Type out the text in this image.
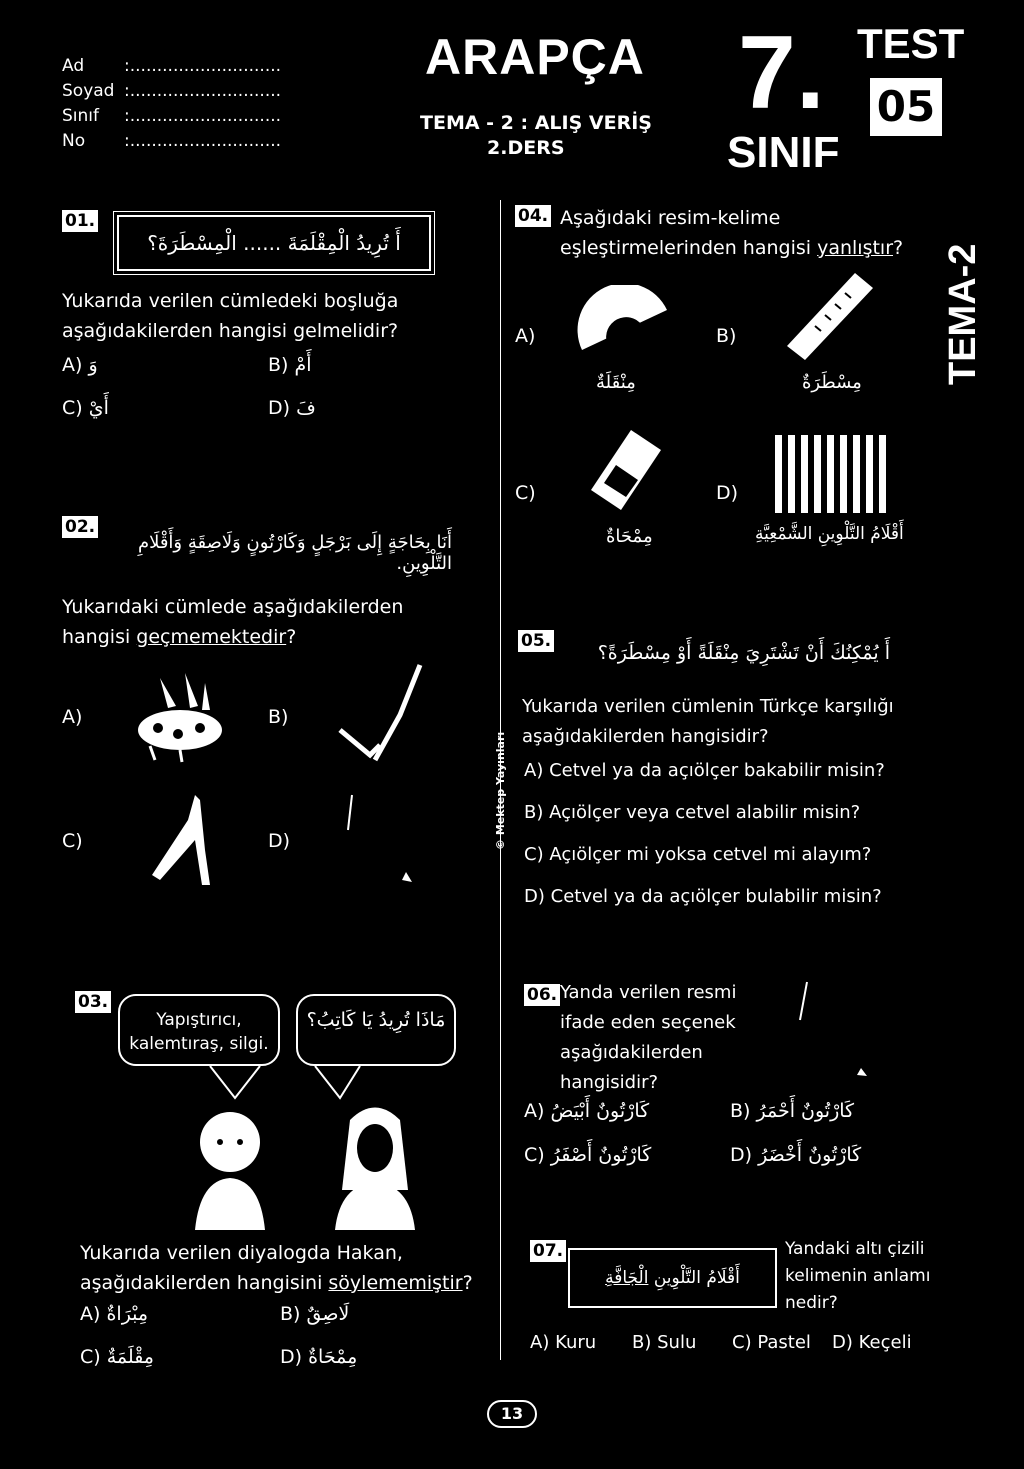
Ad :............................
Soyad :............................
Sınıf :............................
No :............................
ARAPÇA
TEMA - 2 : ALIŞ VERİŞ
2.DERS
7.
SINIF
TEST
05
TEMA-2
© Mektep Yayınları
01.
أَ تُرِيدُ الْمِقْلَمَةَ ...... الْمِسْطَرَةَ؟
Yukarıda verilen cümledeki boşluğa aşağıdakilerden hangisi gelmelidir?
A) وَ	B) أَمْ
C) أَيْ	D) فَ
02.
أَنَا بِحَاجَةٍ إِلَى بَرْجَلٍ وَكَارْتُونٍ وَلَاصِقَةٍ وَأَقْلَامِ التَّلْوِينِ.
Yukarıdaki cümlede aşağıdakilerden hangisi geçmemektedir?
A)	B)
C)	D)
03.
Yapıştırıcı, kalemtıraş, silgi.
مَاذَا تُرِيدُ يَا كَاتِبُ؟
Yukarıda verilen diyalogda Hakan, aşağıdakilerden hangisini söylememiştir?
A) مِبْرَاةٌ	B) لَاصِقٌ
C) مِقْلَمَةٌ	D) مِمْحَاةٌ
04. Aşağıdaki resim-kelime eşleştirmelerinden hangisi yanlıştır?
A)
مِنْقَلَةٌ
B)
مِسْطَرَةٌ
C)
مِمْحَاةٌ
D)
أَقْلَامُ التَّلْوِينِ الشَّمْعِيَّةِ
05.
أَ يُمْكِنُكَ أَنْ تَشْتَرِيَ مِنْقَلَةً أَوْ مِسْطَرَةً؟
Yukarıda verilen cümlenin Türkçe karşılığı aşağıdakilerden hangisidir?
A) Cetvel ya da açıölçer bakabilir misin?
B) Açıölçer veya cetvel alabilir misin?
C) Açıölçer mi yoksa cetvel mi alayım?
D) Cetvel ya da açıölçer bulabilir misin?
06. Yanda verilen resmi ifade eden seçenek aşağıdakilerden hangisidir?
A) كَارْتُونٌ أَبْيَضُ	B) كَارْتُونٌ أَحْمَرُ
C) كَارْتُونٌ أَصْفَرُ	D) كَارْتُونٌ أَخْضَرُ
07.
أَقْلَامُ التَّلْوِينِ الْجَافَّةِ
Yandaki altı çizili kelimenin anlamı nedir?
A) Kuru B) Sulu C) Pastel D) Keçeli
13
